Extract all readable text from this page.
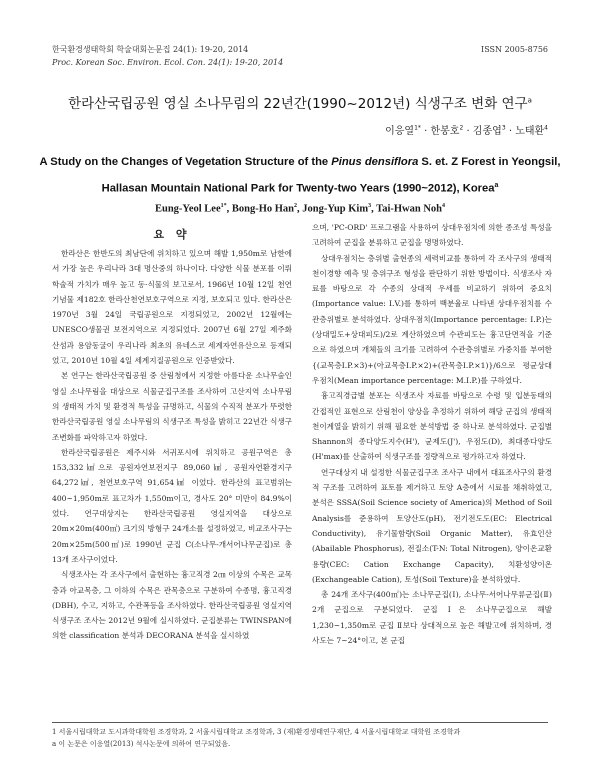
한국환경생태학회 학술대회논문집 24(1): 19-20, 2014
Proc. Korean Soc. Environ. Ecol. Con. 24(1): 19-20, 2014
ISSN 2005-8756
한라산국립공원 영실 소나무림의 22년간(1990~2012년) 식생구조 변화 연구$^a$
이응열$^{1*}$ · 한봉호$^2$ · 김종엽$^3$ · 노태환$^4$
A Study on the Changes of Vegetation Structure of the Pinus densiflora S. et. Z Forest in Yeongsil,
Hallasan Mountain National Park for Twenty-two Years (1990~2012), Korea$^a$
Eung-Yeol Lee$^{1*}$, Bong-Ho Han$^2$, Jong-Yup Kim$^3$, Tai-Hwan Noh$^4$
요 약

한라산은 한반도의 최남단에 위치하고 있으며 해발 1,950m로 남한에서 가장 높은 우리나라 3대 명산중의 하나이다. 다양한 식물 분포를 이뤄 학술적 가치가 매우 높고 동·식물의 보고로서, 1966년 10월 12일 천연기념물 제182호 한라산천연보호구역으로 지정, 보호되고 있다. 한라산은 1970년 3월 24일 국립공원으로 지정되었고, 2002년 12월에는 UNESCO생물권 보전지역으로 지정되었다. 2007년 6월 27일 제주화산섬과 용암동굴이 우리나라 최초의 유네스코 세계자연유산으로 등재되었고, 2010년 10월 4일 세계지질공원으로 인증받았다.

본 연구는 한라산국립공원 중 산림청에서 지정한 아름다운 소나무숲인 영실 소나무림을 대상으로 식물군집구조를 조사하여 고산지역 소나무림의 생태적 가치 및 환경적 특성을 규명하고, 식물의 수직적 분포가 뚜렷한 한라산국립공원 영실 소나무림의 식생구조 특성을 밝히고 22년간 식생구조변화를 파악하고자 하였다.

한라산국립공원은 제주시와 서귀포시에 위치하고 공원구역은 총 153,332㎢으로 공원자연보전지구 89,060㎢, 공원자연환경지구 64,272㎢, 천연보호구역 91,654㎢ 이었다. 한라산의 표고범위는 400~1,950m로 표고차가 1,550m이고, 경사도 20° 미만이 84.9%이었다. 연구대상지는 한라산국립공원 영실지역을 대상으로 20m×20m(400㎡) 크기의 방형구 24개소를 설정하였고, 비교조사구는 20m×25m(500㎡)로 1990년 군집 C(소나무-개서어나무군집)로 총 13개 조사구이었다.

식생조사는 각 조사구에서 출현하는 흉고직경 2㎝ 이상의 수목은 교목층과 아교목층, 그 이하의 수목은 관목층으로 구분하여 수종명, 흉고직경(DBH), 수고, 지하고, 수관폭등을 조사하였다. 한라산국립공원 영실지역 식생구조 조사는 2012년 9월에 실시하였다. 군집분류는 TWINSPAN에 의한 classification 분석과 DECORANA 분석을 실시하였

으며, 'PC-ORD' 프로그램을 사용하여 상대우점치에 의한 종조성 특성을 고려하여 군집을 분류하고 군집을 명명하였다.

상대우점치는 층위별 출현종의 세력비교를 통하여 각 조사구의 생태적 천이경향 예측 및 층위구조 형성을 판단하기 위한 방법이다. 식생조사 자료를 바탕으로 각 수종의 상대적 우세를 비교하기 위하여 중요치(Importance value: I.V.)를 통하여 백분율로 나타낸 상대우점치를 수관층위별로 분석하였다. 상대우점치(Importance percentage: I.P.)는 (상대밀도+상대피도)/2로 계산하였으며 수관피도는 흉고단면적을 기준으로 하였으며 개체들의 크기를 고려하여 수관층위별로 가중치를 부여한 {(교목층I.P.×3)+(아교목층I.P.×2)+(관목층I.P.×1)}/6으로 평균상대우점치(Mean importance percentage: M.I.P.)를 구하였다.

흉고직경급별 분포는 식생조사 자료를 바탕으로 수령 및 입분동태의 간접적인 표현으로 산림천이 양상을 추정하기 위하여 해당 군집의 생태적 천이계열을 밝히기 위해 필요한 분석방법 중 하나로 분석하였다. 군집별 Shannon의 종다양도지수(H'), 균제도(J'), 우점도(D), 최대종다양도(H'max)를 산출하여 식생구조를 정량적으로 평가하고자 하였다.

연구대상지 내 설정한 식물군집구조 조사구 내에서 대표조사구의 환경적 구조를 고려하여 표토를 제거하고 토양 A층에서 시료를 채취하였고, 분석은 SSSA(Soil Science society of America)의 Method of Soil Analysis를 준용하여 토양산도(pH), 전기전도도(EC: Electrical Conductivity), 유기물함량(Soil Organic Matter), 유효인산(Abailable Phosphorus), 전질소(T-N: Total Nitrogen), 양이온교환용량(CEC: Cation Exchange Capacity), 치환성양이온(Exchangeable Cation), 토성(Soil Texture)을 분석하였다.

총 24개 조사구(400㎡)는 소나무군집(Ⅰ), 소나무-서어나무류군집(Ⅱ) 2개 군집으로 구분되었다. 군집 Ⅰ은 소나무군집으로 해발 1,230~1,350m로 군집 Ⅱ보다 상대적으로 높은 해발고에 위치하며, 경사도는 7~24°이고, 본 군집

1 서울시립대학교 도시과학대학원 조경학과, 2 서울시립대학교 조경학과, 3 (재)환경생태연구재단, 4 서울시립대학교 대학원 조경학과
a 이 논문은 이응열(2013) 석사논문에 의하여 연구되었음.
